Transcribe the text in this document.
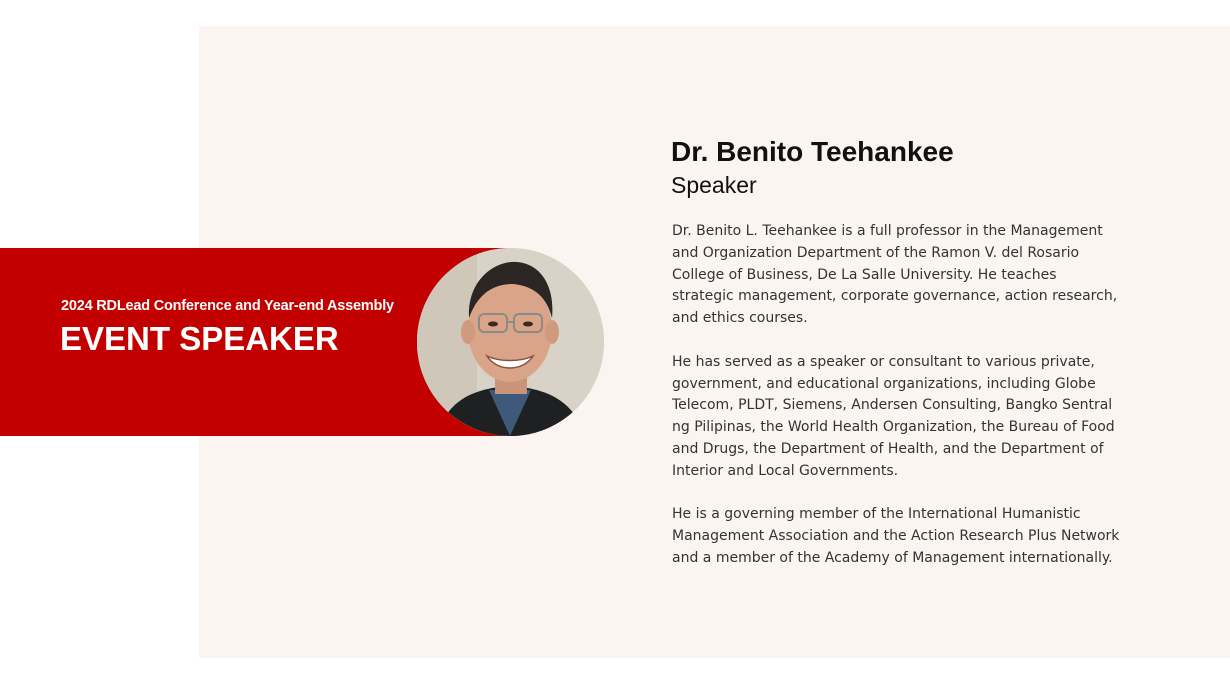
2024 RDLead Conference and Year-end Assembly
EVENT SPEAKER
Dr. Benito Teehankee
Speaker

Dr. Benito L. Teehankee is a full professor in the Management and Organization Department of the Ramon V. del Rosario College of Business, De La Salle University. He teaches strategic management, corporate governance, action research, and ethics courses.

He has served as a speaker or consultant to various private, government, and educational organizations, including Globe Telecom, PLDT, Siemens, Andersen Consulting, Bangko Sentral ng Pilipinas, the World Health Organization, the Bureau of Food and Drugs, the Department of Health, and the Department of Interior and Local Governments.

He is a governing member of the International Humanistic Management Association and the Action Research Plus Network and a member of the Academy of Management internationally.
